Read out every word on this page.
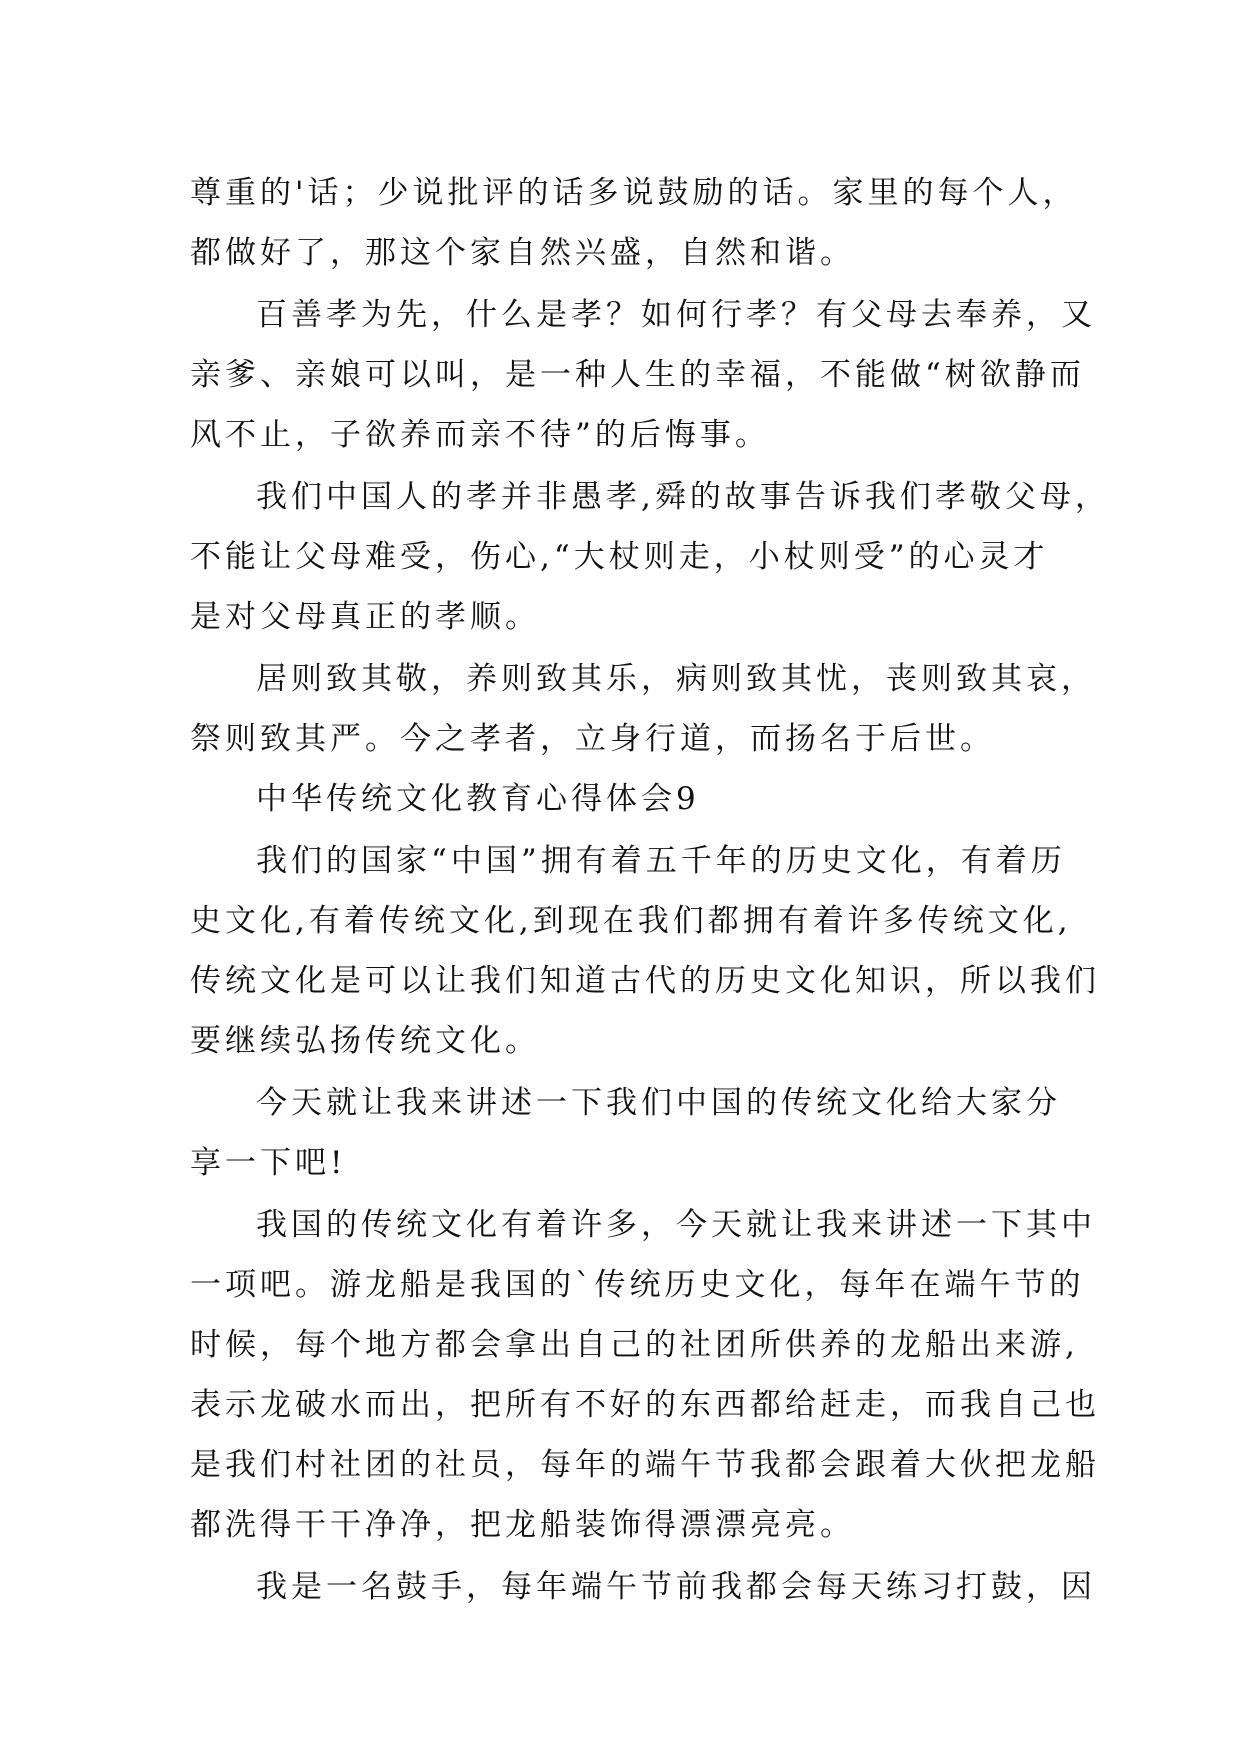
尊重的'话；少说批评的话多说鼓励的话。家里的每个人，
都做好了，那这个家自然兴盛，自然和谐。
百善孝为先，什么是孝？如何行孝？有父母去奉养，又
亲爹、亲娘可以叫，是一种人生的幸福，不能做“树欲静而
风不止，子欲养而亲不待”的后悔事。
我们中国人的孝并非愚孝,舜的故事告诉我们孝敬父母，
不能让父母难受，伤心,“大杖则走，小杖则受”的心灵才
是对父母真正的孝顺。
居则致其敬，养则致其乐，病则致其忧，丧则致其哀，
祭则致其严。今之孝者，立身行道，而扬名于后世。
中华传统文化教育心得体会9
我们的国家“中国”拥有着五千年的历史文化，有着历
史文化,有着传统文化,到现在我们都拥有着许多传统文化,
传统文化是可以让我们知道古代的历史文化知识，所以我们
要继续弘扬传统文化。
今天就让我来讲述一下我们中国的传统文化给大家分
享一下吧!
我国的传统文化有着许多，今天就让我来讲述一下其中
一项吧。游龙船是我国的`传统历史文化，每年在端午节的
时候，每个地方都会拿出自己的社团所供养的龙船出来游,
表示龙破水而出，把所有不好的东西都给赶走，而我自己也
是我们村社团的社员，每年的端午节我都会跟着大伙把龙船
都洗得干干净净，把龙船装饰得漂漂亮亮。
我是一名鼓手，每年端午节前我都会每天练习打鼓，因
